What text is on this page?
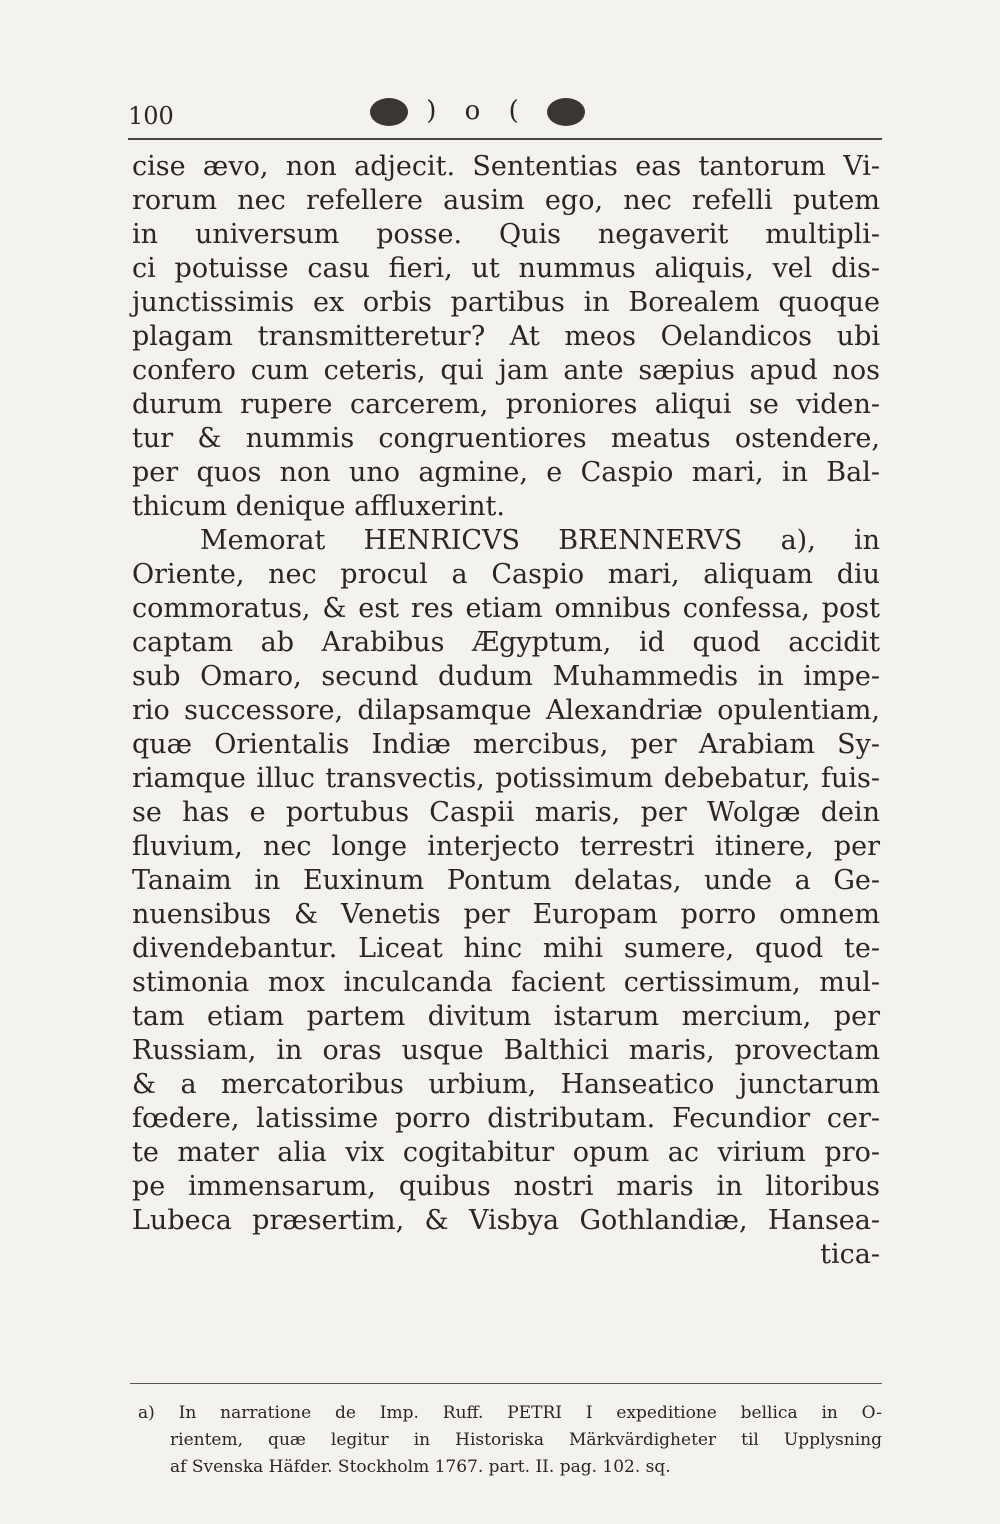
100	) o (
cise ævo, non adjecit. Sententias eas tantorum Vi-
rorum nec refellere ausim ego, nec refelli putem
in universum posse. Quis negaverit multipli-
ci potuisse casu fieri, ut nummus aliquis, vel dis-
junctissimis ex orbis partibus in Borealem quoque
plagam transmitteretur? At meos Oelandicos ubi
confero cum ceteris, qui jam ante sæpius apud nos
durum rupere carcerem, proniores aliqui se viden-
tur & nummis congruentiores meatus ostendere,
per quos non uno agmine, e Caspio mari, in Bal-
thicum denique affluxerint.
Memorat HENRICVS BRENNERVS a), in
Oriente, nec procul a Caspio mari, aliquam diu
commoratus, & est res etiam omnibus confessa, post
captam ab Arabibus Ægyptum, id quod accidit
sub Omaro, secund dudum Muhammedis in impe-
rio successore, dilapsamque Alexandriæ opulentiam,
quæ Orientalis Indiæ mercibus, per Arabiam Sy-
riamque illuc transvectis, potissimum debebatur, fuis-
se has e portubus Caspii maris, per Wolgæ dein
fluvium, nec longe interjecto terrestri itinere, per
Tanaim in Euxinum Pontum delatas, unde a Ge-
nuensibus & Venetis per Europam porro omnem
divendebantur. Liceat hinc mihi sumere, quod te-
stimonia mox inculcanda facient certissimum, mul-
tam etiam partem divitum istarum mercium, per
Russiam, in oras usque Balthici maris, provectam
& a mercatoribus urbium, Hanseatico junctarum
fœdere, latissime porro distributam. Fecundior cer-
te mater alia vix cogitabitur opum ac virium pro-
pe immensarum, quibus nostri maris in litoribus
Lubeca præsertim, & Visbya Gothlandiæ, Hansea-
tica-
a) In narratione de Imp. Ruff. PETRI I expeditione bellica in O-
rientem, quæ legitur in Historiska Märkvärdigheter til Upplysning
af Svenska Häfder. Stockholm 1767. part. II. pag. 102. sq.
